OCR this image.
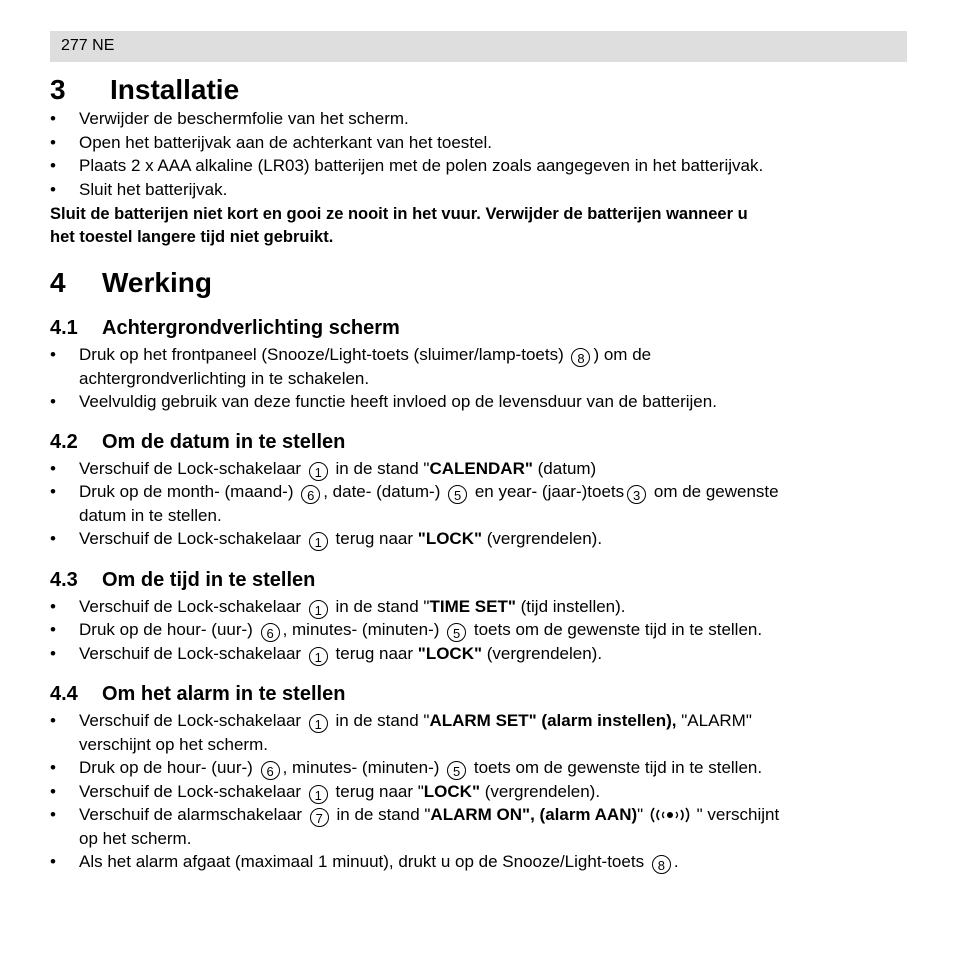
277 NE
3 Installatie
• Verwijder de beschermfolie van het scherm.
• Open het batterijvak aan de achterkant van het toestel.
• Plaats 2 x AAA alkaline (LR03) batterijen met de polen zoals aangegeven in het batterijvak.
• Sluit het batterijvak.
Sluit de batterijen niet kort en gooi ze nooit in het vuur. Verwijder de batterijen wanneer u
het toestel langere tijd niet gebruikt.
4 Werking
4.1 Achtergrondverlichting scherm
• Druk op het frontpaneel (Snooze/Light-toets (sluimer/lamp-toets) 8 ) om de
achtergrondverlichting in te schakelen.
• Veelvuldig gebruik van deze functie heeft invloed op de levensduur van de batterijen.
4.2 Om de datum in te stellen
• Verschuif de Lock-schakelaar 1 in de stand "CALENDAR" (datum)
• Druk op de month- (maand-) 6 , date- (datum-) 5 en year- (jaar-)toets 3 om de gewenste
datum in te stellen.
• Verschuif de Lock-schakelaar 1 terug naar "LOCK" (vergrendelen).
4.3 Om de tijd in te stellen
• Verschuif de Lock-schakelaar 1 in de stand "TIME SET" (tijd instellen).
• Druk op de hour- (uur-) 6 , minutes- (minuten-) 5 toets om de gewenste tijd in te stellen.
• Verschuif de Lock-schakelaar 1 terug naar "LOCK" (vergrendelen).
4.4 Om het alarm in te stellen
• Verschuif de Lock-schakelaar 1 in de stand "ALARM SET" (alarm instellen), "ALARM"
verschijnt op het scherm.
• Druk op de hour- (uur-) 6 , minutes- (minuten-) 5 toets om de gewenste tijd in te stellen.
• Verschuif de Lock-schakelaar 1 terug naar "LOCK" (vergrendelen).
• Verschuif de alarmschakelaar 7 in de stand "ALARM ON", (alarm AAN)"	" verschijnt
op het scherm.
• Als het alarm afgaat (maximaal 1 minuut), drukt u op de Snooze/Light-toets 8 .
